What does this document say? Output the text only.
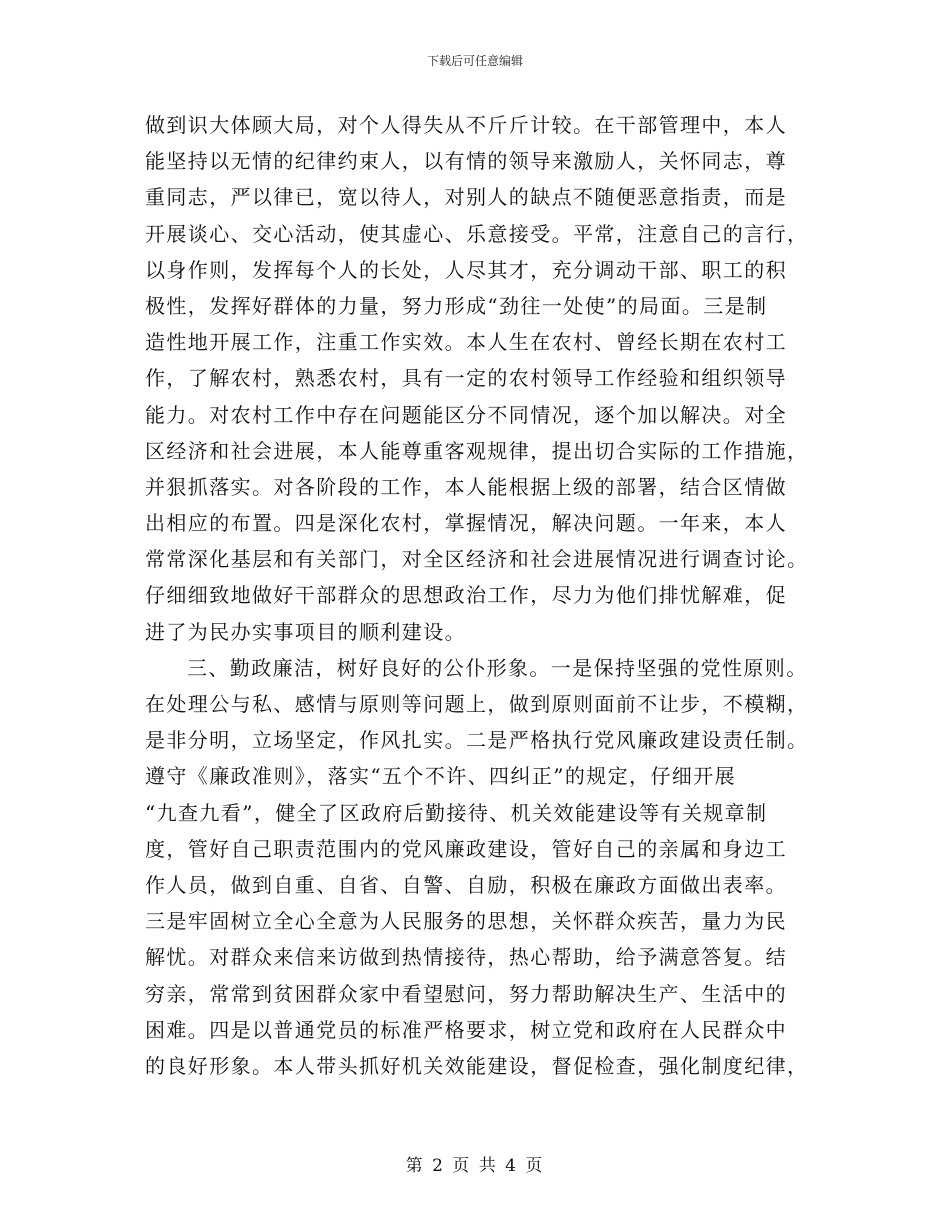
下载后可任意编辑
做到识大体顾大局，对个人得失从不斤斤计较。在干部管理中，本人
能坚持以无情的纪律约束人，以有情的领导来激励人，关怀同志，尊
重同志，严以律已，宽以待人，对别人的缺点不随便恶意指责，而是
开展谈心、交心活动，使其虚心、乐意接受。平常，注意自己的言行，
以身作则，发挥每个人的长处，人尽其才，充分调动干部、职工的积
极性，发挥好群体的力量，努力形成“劲往一处使”的局面。三是制
造性地开展工作，注重工作实效。本人生在农村、曾经长期在农村工
作，了解农村，熟悉农村，具有一定的农村领导工作经验和组织领导
能力。对农村工作中存在问题能区分不同情况，逐个加以解决。对全
区经济和社会进展，本人能尊重客观规律，提出切合实际的工作措施，
并狠抓落实。对各阶段的工作，本人能根据上级的部署，结合区情做
出相应的布置。四是深化农村，掌握情况，解决问题。一年来，本人
常常深化基层和有关部门，对全区经济和社会进展情况进行调查讨论。
仔细细致地做好干部群众的思想政治工作，尽力为他们排忧解难，促
进了为民办实事项目的顺利建设。
三、勤政廉洁，树好良好的公仆形象。一是保持坚强的党性原则。
在处理公与私、感情与原则等问题上，做到原则面前不让步，不模糊，
是非分明，立场坚定，作风扎实。二是严格执行党风廉政建设责任制。
遵守《廉政准则》，落实“五个不许、四纠正”的规定，仔细开展
“九查九看”，健全了区政府后勤接待、机关效能建设等有关规章制
度，管好自己职责范围内的党风廉政建设，管好自己的亲属和身边工
作人员，做到自重、自省、自警、自励，积极在廉政方面做出表率。
三是牢固树立全心全意为人民服务的思想，关怀群众疾苦，量力为民
解忧。对群众来信来访做到热情接待，热心帮助，给予满意答复。结
穷亲，常常到贫困群众家中看望慰问，努力帮助解决生产、生活中的
困难。四是以普通党员的标准严格要求，树立党和政府在人民群众中
的良好形象。本人带头抓好机关效能建设，督促检查，强化制度纪律，
第 2 页 共 4 页
